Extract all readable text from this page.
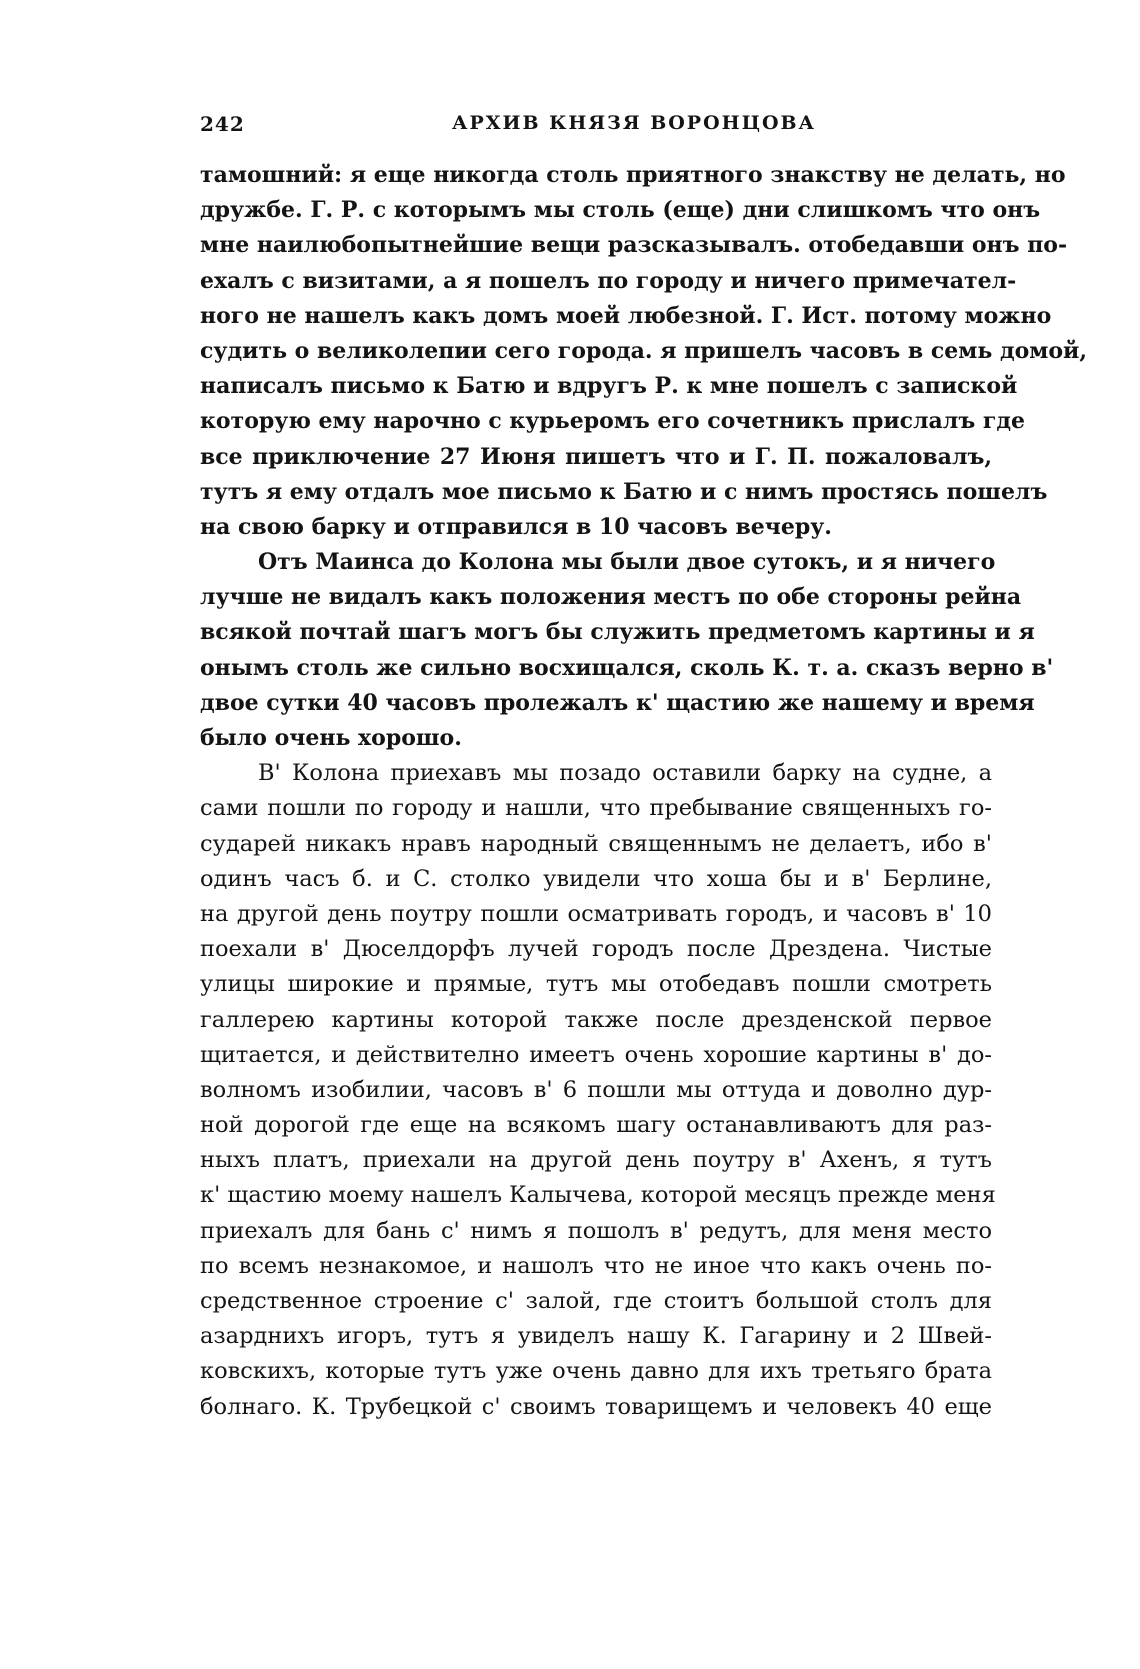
242	АРХИВ КНЯЗЯ ВОРОНЦОВА
тамошний: я еще никогда столь приятного знакству не делать, но
дружбе. Г. Р. с которымъ мы столь (еще) дни слишкомъ что онъ
мне наилюбопытнейшие вещи разсказывалъ. отобедавши онъ по-
ехалъ с визитами, а я пошелъ по городу и ничего примечател-
ного не нашелъ какъ домъ моей любезной. Г. Ист. потому можно
судить о великолепии сего города. я пришелъ часовъ в семь домой,
написалъ письмо к Батю и вдругъ Р. к мне пошелъ с запиской
которую ему нарочно с курьеромъ его сочетникъ прислалъ где
все приключение 27 Июня пишетъ что и Г. П. пожаловалъ,
тутъ я ему отдалъ мое письмо к Батю и с нимъ простясь пошелъ
на свою барку и отправился в 10 часовъ вечеру.
Отъ Маинса до Колона мы были двое сутокъ, и я ничего
лучше не видалъ какъ положения местъ по обе стороны рейна
всякой почтай шагъ могъ бы служить предметомъ картины и я
онымъ столь же сильно восхищался, сколь К. т. а. сказъ верно в'
двое сутки 40 часовъ пролежалъ к' щастию же нашему и время
было очень хорошо.
В' Колона приехавъ мы позадо оставили барку на судне, а
сами пошли по городу и нашли, что пребывание священныхъ го-
сударей никакъ нравъ народный священнымъ не делаетъ, ибо в'
одинъ часъ б. и С. столко увидели что хоша бы и в' Берлине,
на другой день поутру пошли осматривать городъ, и часовъ в' 10
поехали в' Дюселдорфъ лучей городъ после Дрездена. Чистые
улицы широкие и прямые, тутъ мы отобедавъ пошли смотреть
галлерею картины которой также после дрезденской первое
щитается, и действително имеетъ очень хорошие картины в' до-
волномъ изобилии, часовъ в' 6 пошли мы оттуда и доволно дур-
ной дорогой где еще на всякомъ шагу останавливаютъ для раз-
ныхъ платъ, приехали на другой день поутру в' Ахенъ, я тутъ
к' щастию моему нашелъ Калычева, которой месяцъ прежде меня
приехалъ для бань с' нимъ я пошолъ в' редутъ, для меня место
по всемъ незнакомое, и нашолъ что не иное что какъ очень по-
средственное строение с' залой, где стоитъ большой столъ для
азарднихъ игоръ, тутъ я увиделъ нашу К. Гагарину и 2 Швей-
ковскихъ, которые тутъ уже очень давно для ихъ третьяго брата
болнаго. К. Трубецкой с' своимъ товарищемъ и человекъ 40 еще
